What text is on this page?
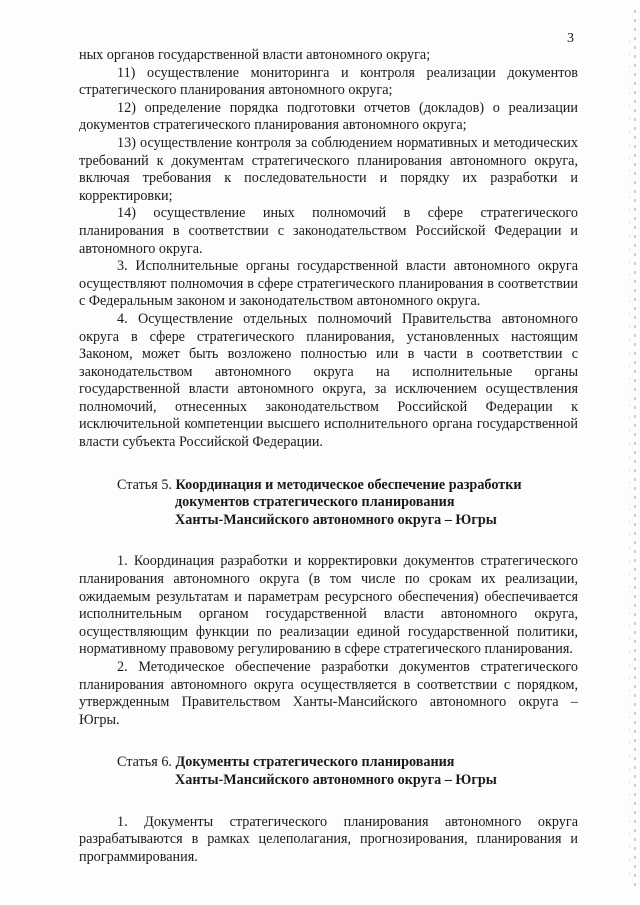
3

ных органов государственной власти автономного округа;

11) осуществление мониторинга и контроля реализации документов стратегического планирования автономного округа;

12) определение порядка подготовки отчетов (докладов) о реализации документов стратегического планирования автономного округа;

13) осуществление контроля за соблюдением нормативных и методических требований к документам стратегического планирования автономного округа, включая требования к последовательности и порядку их разработки и корректировки;

14) осуществление иных полномочий в сфере стратегического планирования в соответствии с законодательством Российской Федерации и автономного округа.

3. Исполнительные органы государственной власти автономного округа осуществляют полномочия в сфере стратегического планирования в соответствии с Федеральным законом и законодательством автономного округа.

4. Осуществление отдельных полномочий Правительства автономного округа в сфере стратегического планирования, установленных настоящим Законом, может быть возложено полностью или в части в соответствии с законодательством автономного округа на исполнительные органы государственной власти автономного округа, за исключением осуществления полномочий, отнесенных законодательством Российской Федерации к исключительной компетенции высшего исполнительного органа государственной власти субъекта Российской Федерации.

Статья 5. Координация и методическое обеспечение разработки
документов стратегического планирования
Ханты-Мансийского автономного округа – Югры

1. Координация разработки и корректировки документов стратегического планирования автономного округа (в том числе по срокам их реализации, ожидаемым результатам и параметрам ресурсного обеспечения) обеспечивается исполнительным органом государственной власти автономного округа, осуществляющим функции по реализации единой государственной политики, нормативному правовому регулированию в сфере стратегического планирования.

2. Методическое обеспечение разработки документов стратегического планирования автономного округа осуществляется в соответствии с порядком, утвержденным Правительством Ханты-Мансийского автономного округа – Югры.

Статья 6. Документы стратегического планирования
Ханты-Мансийского автономного округа – Югры

1. Документы стратегического планирования автономного округа разрабатываются в рамках целеполагания, прогнозирования, планирования и программирования.
